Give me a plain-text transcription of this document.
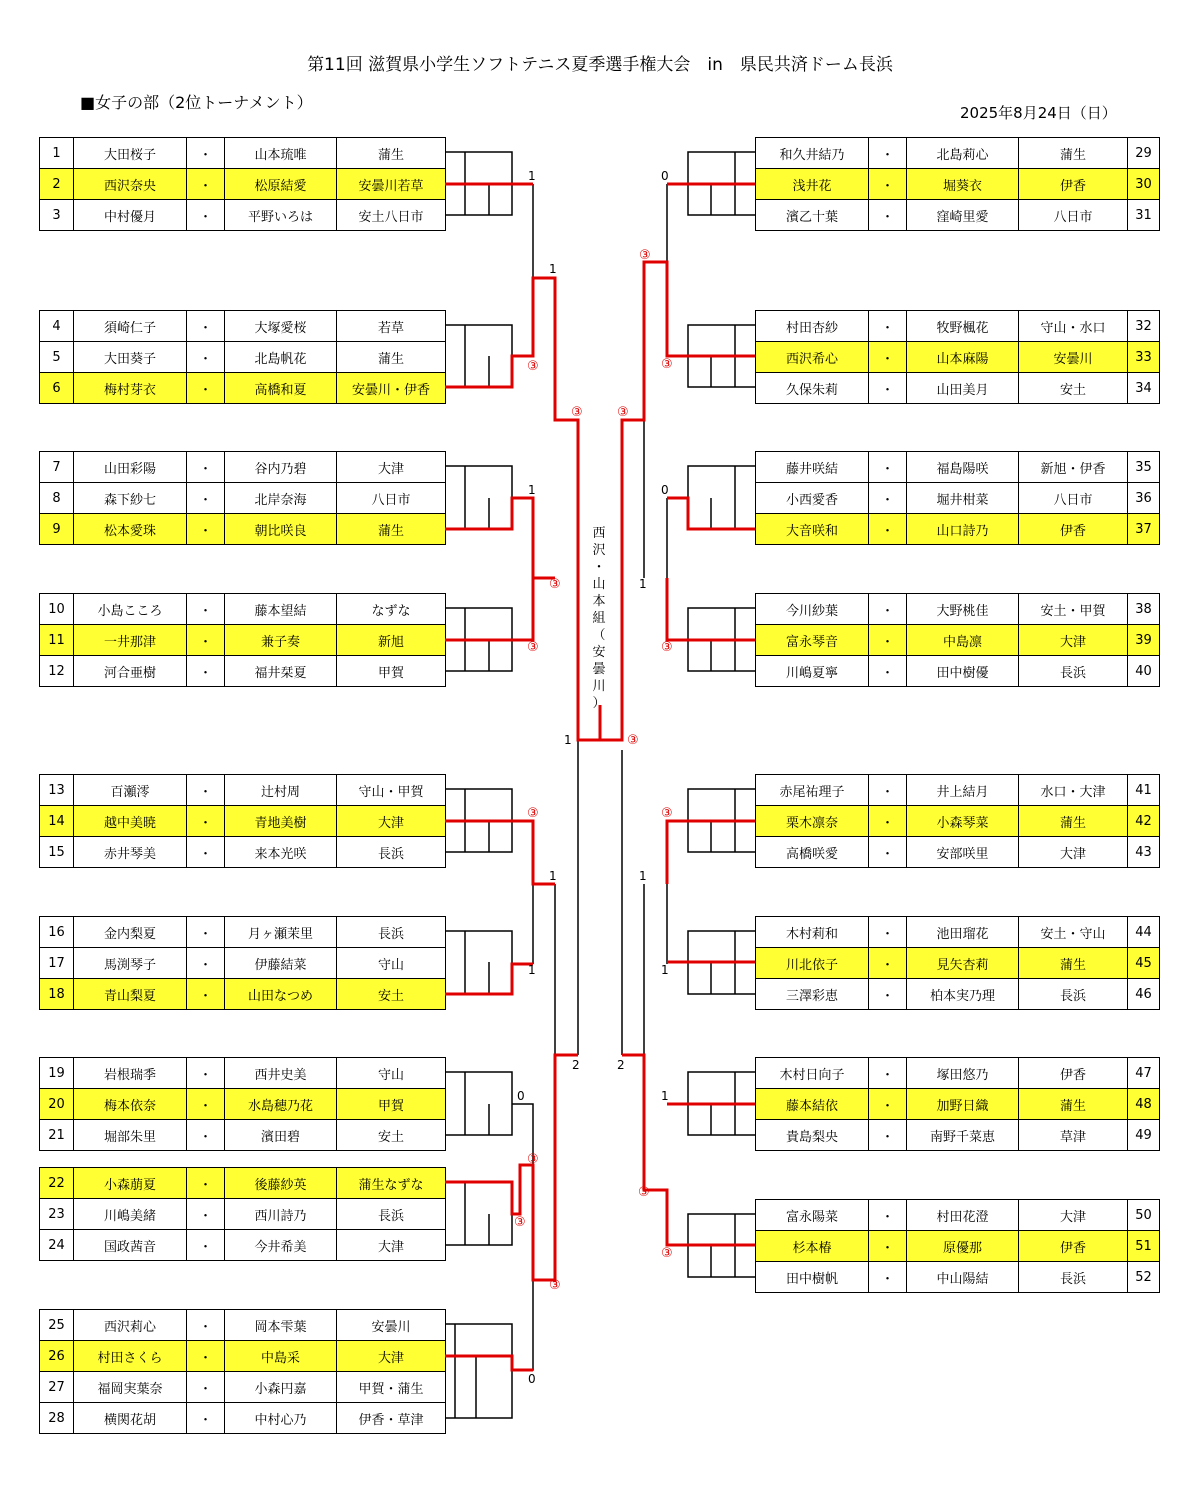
第11回 滋賀県小学生ソフトテニス夏季選手権大会　in　県民共済ドーム長浜
■女子の部（2位トーナメント）
2025年8月24日（日）
1	大田桜子	・	山本琉唯	蒲生
2	西沢奈央	・	松原結愛	安曇川若草
3	中村優月	・	平野いろは	安土八日市
4	須崎仁子	・	大塚愛桜	若草
5	大田葵子	・	北島帆花	蒲生
6	梅村芽衣	・	高橋和夏	安曇川・伊香
7	山田彩陽	・	谷内乃碧	大津
8	森下紗七	・	北岸奈海	八日市
9	松本愛珠	・	朝比咲良	蒲生
10	小島こころ	・	藤本望結	なずな
11	一井那津	・	兼子奏	新旭
12	河合亜樹	・	福井栞夏	甲賀
13	百瀬澪	・	辻村周	守山・甲賀
14	越中美暁	・	青地美樹	大津
15	赤井琴美	・	来本光咲	長浜
16	金内梨夏	・	月ヶ瀬茉里	長浜
17	馬渕琴子	・	伊藤結菜	守山
18	青山梨夏	・	山田なつめ	安土
19	岩根瑞季	・	西井史美	守山
20	梅本依奈	・	水島穂乃花	甲賀
21	堀部朱里	・	濱田碧	安土
22	小森萠夏	・	後藤紗英	蒲生なずな
23	川嶋美緒	・	西川詩乃	長浜
24	国政茜音	・	今井希美	大津
25	西沢莉心	・	岡本雫葉	安曇川
26	村田さくら	・	中島采	大津
27	福岡実葉奈	・	小森円嘉	甲賀・蒲生
28	横関花胡	・	中村心乃	伊香・草津
和久井結乃	・	北島莉心	蒲生	29
浅井花	・	堀葵衣	伊香	30
濱乙十葉	・	窪崎里愛	八日市	31
村田杏紗	・	牧野楓花	守山・水口	32
西沢希心	・	山本麻陽	安曇川	33
久保朱莉	・	山田美月	安土	34
藤井咲結	・	福島陽咲	新旭・伊香	35
小西愛香	・	堀井柑菜	八日市	36
大音咲和	・	山口詩乃	伊香	37
今川紗葉	・	大野桃佳	安土・甲賀	38
富永琴音	・	中島凛	大津	39
川嶋夏寧	・	田中樹優	長浜	40
赤尾祐理子	・	井上結月	水口・大津	41
栗木凛奈	・	小森琴菜	蒲生	42
高橋咲愛	・	安部咲里	大津	43
木村莉和	・	池田瑠花	安土・守山	44
川北依子	・	見矢杏莉	蒲生	45
三澤彩恵	・	柏本実乃理	長浜	46
木村日向子	・	塚田悠乃	伊香	47
藤本結依	・	加野日織	蒲生	48
貴島梨央	・	南野千菜恵	草津	49
富永陽菜	・	村田花澄	大津	50
杉本椿	・	原優那	伊香	51
田中樹帆	・	中山陽結	長浜	52
1
1
③
1
③
③
③
1
③
1
1
0
③
③
③
2
0
0
③
③
③
0
1
③
③
③
1
1
2
1
③
③
西
沢
・
山
本
組
（
安
曇
川
）
